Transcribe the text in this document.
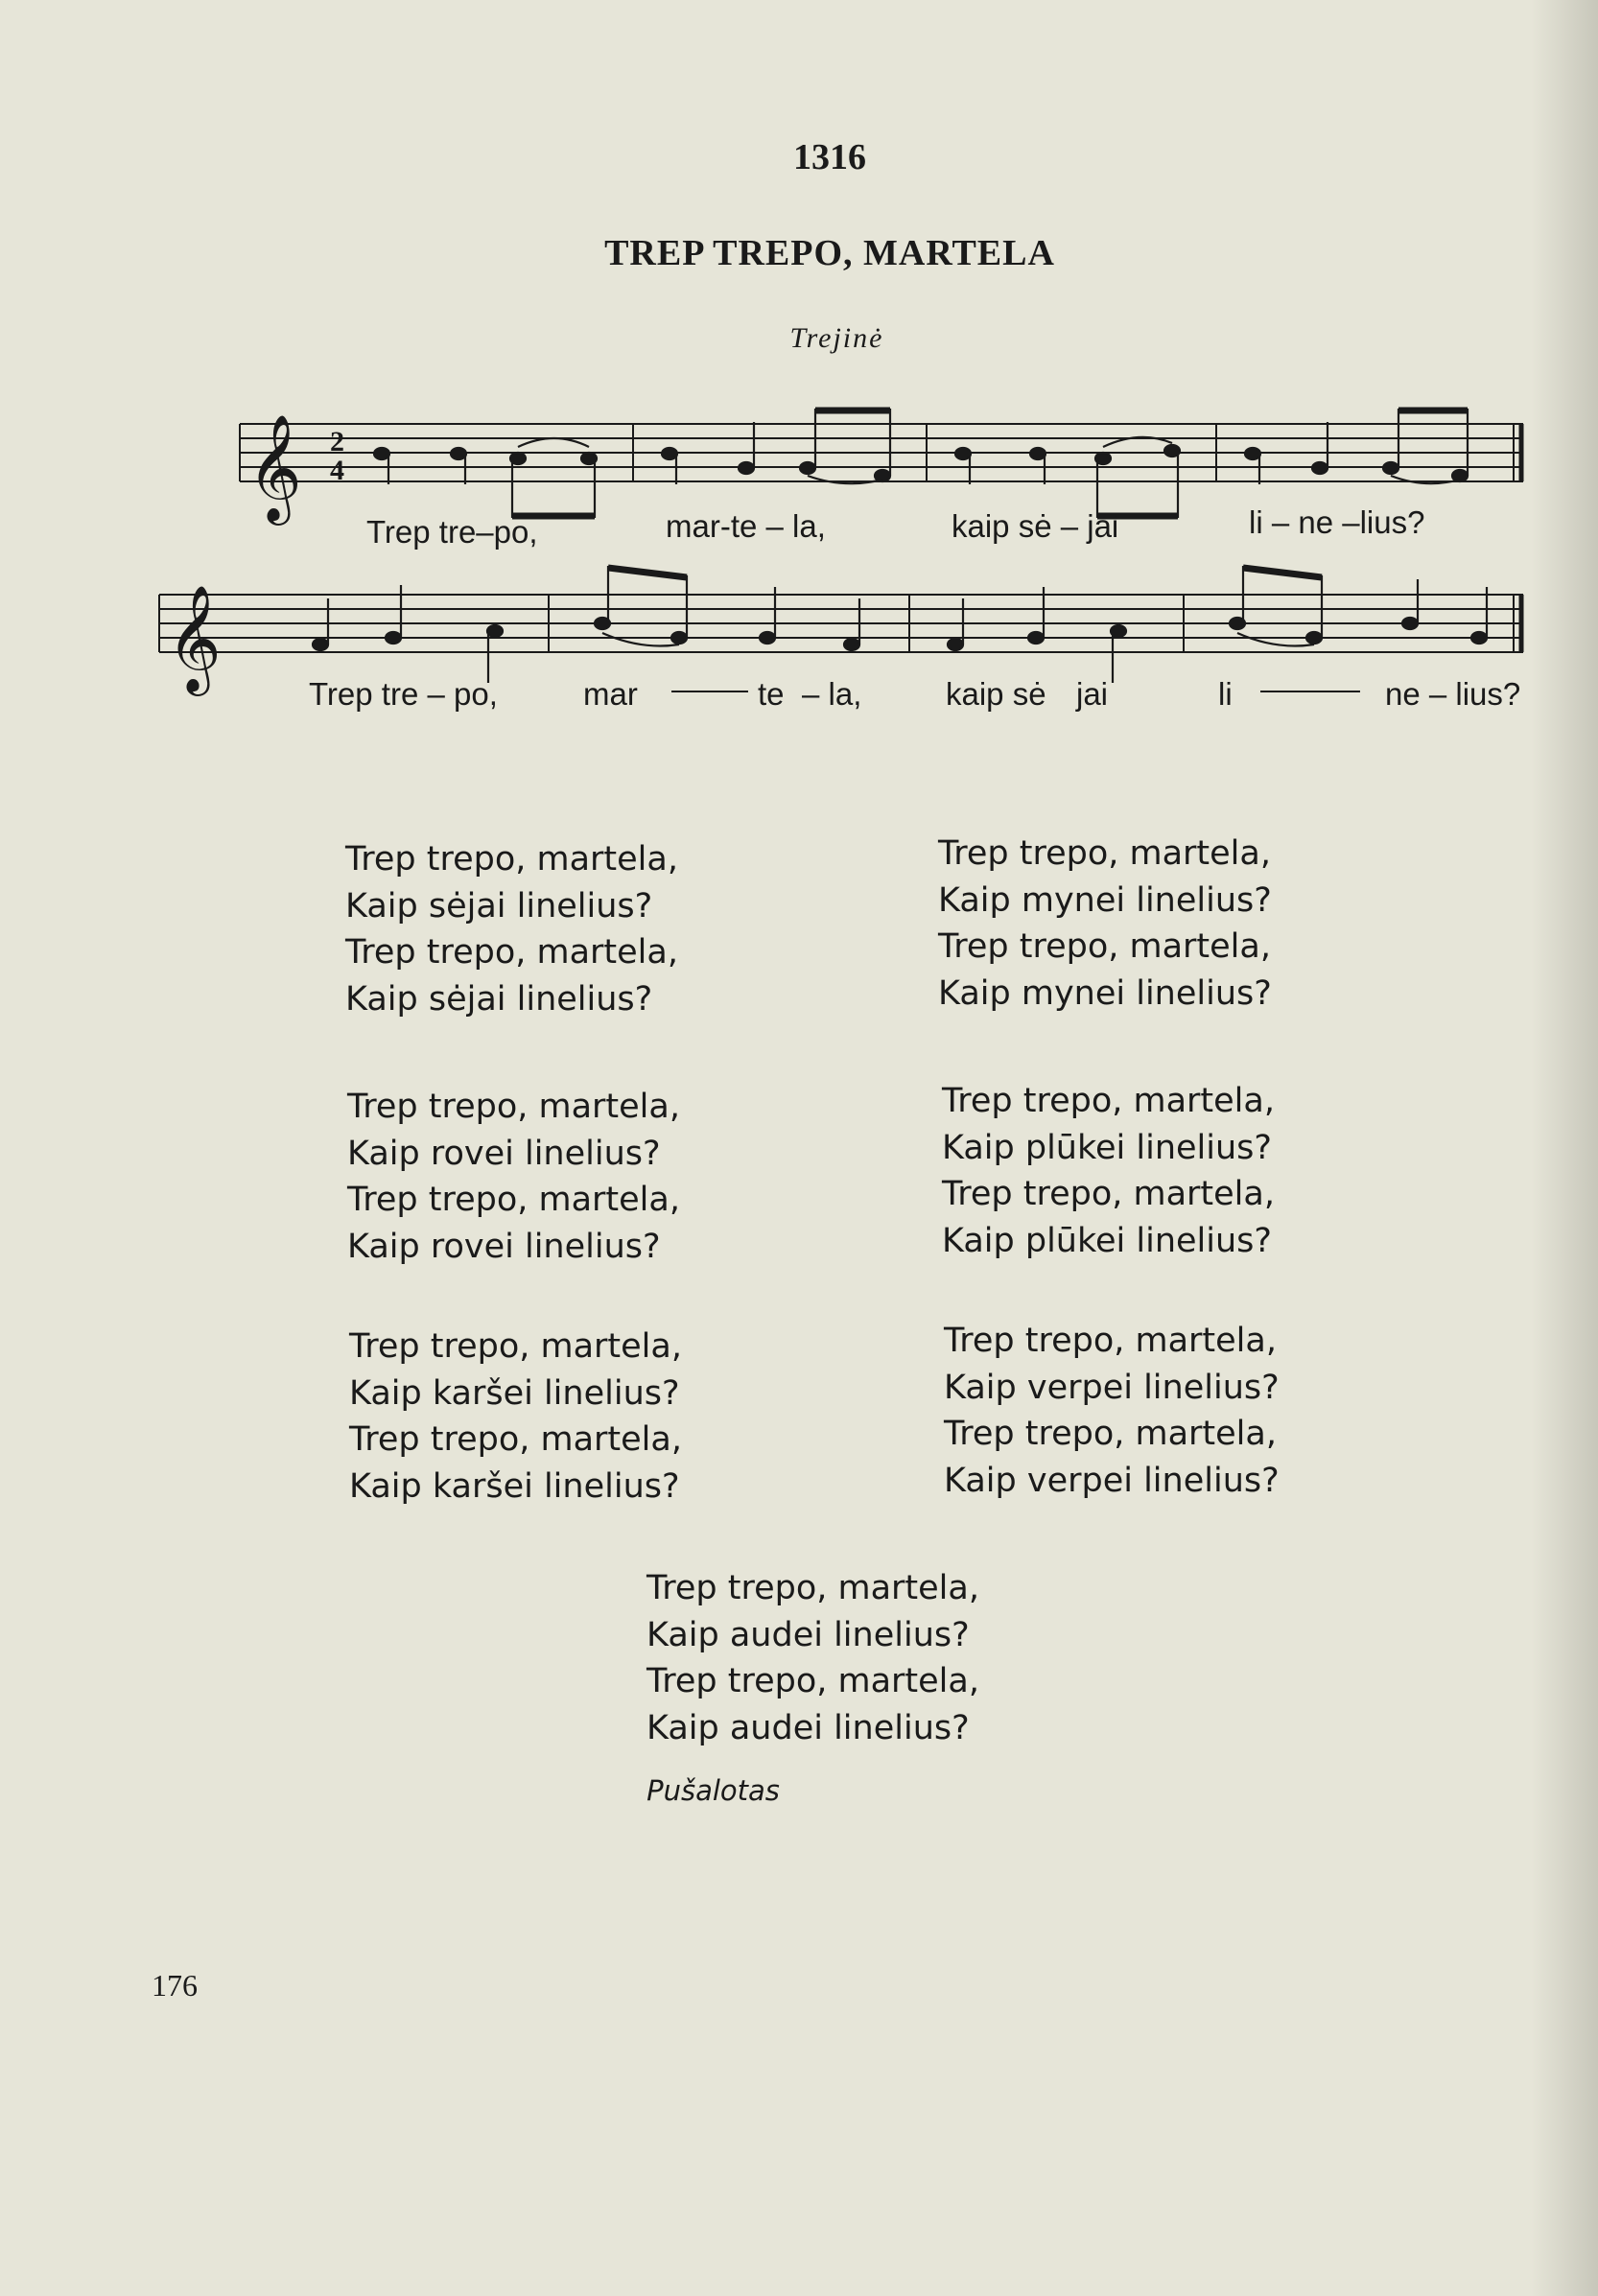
1316
TREP TREPO, MARTELA
Trejinė
𝄞
𝄞
2
4
Trep tre–po,	mar-te – la,	kaip sė – jai	li – ne –lius?
Trep tre – po,	mar	te – la,	kaip sė jai	li	ne – lius?
Trep trepo, martela,
Kaip sėjai linelius?
Trep trepo, martela,
Kaip sėjai linelius?
Trep trepo, martela,
Kaip mynei linelius?
Trep trepo, martela,
Kaip mynei linelius?
Trep trepo, martela,
Kaip rovei linelius?
Trep trepo, martela,
Kaip rovei linelius?
Trep trepo, martela,
Kaip plūkei linelius?
Trep trepo, martela,
Kaip plūkei linelius?
Trep trepo, martela,
Kaip karšei linelius?
Trep trepo, martela,
Kaip karšei linelius?
Trep trepo, martela,
Kaip verpei linelius?
Trep trepo, martela,
Kaip verpei linelius?
Trep trepo, martela,
Kaip audei linelius?
Trep trepo, martela,
Kaip audei linelius?
Pušalotas
176
